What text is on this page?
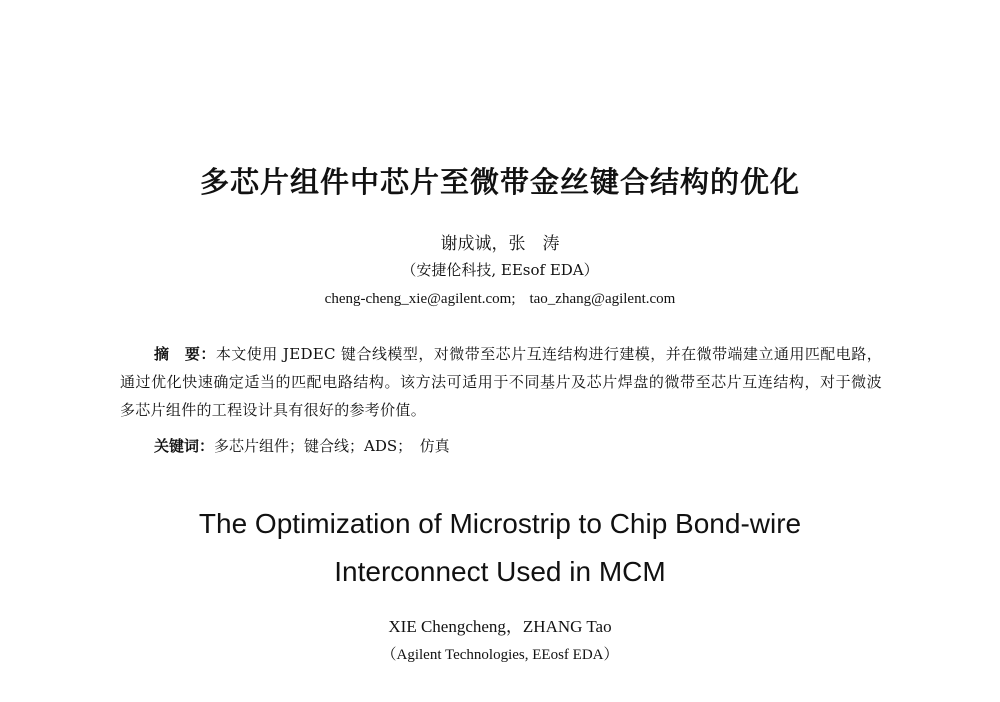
多芯片组件中芯片至微带金丝键合结构的优化
谢成诚，张　涛
（安捷伦科技, EEsof EDA）
cheng-cheng_xie@agilent.com; tao_zhang@agilent.com
摘　要：本文使用 JEDEC 键合线模型，对微带至芯片互连结构进行建模，并在微带端建立通用匹配电路，通过优化快速确定适当的匹配电路结构。该方法可适用于不同基片及芯片焊盘的微带至芯片互连结构，对于微波多芯片组件的工程设计具有很好的参考价值。
关键词：多芯片组件；键合线；ADS；　仿真
The Optimization of Microstrip to Chip Bond-wire
Interconnect Used in MCM
XIE Chengcheng，ZHANG Tao
（Agilent Technologies, EEosf EDA）
